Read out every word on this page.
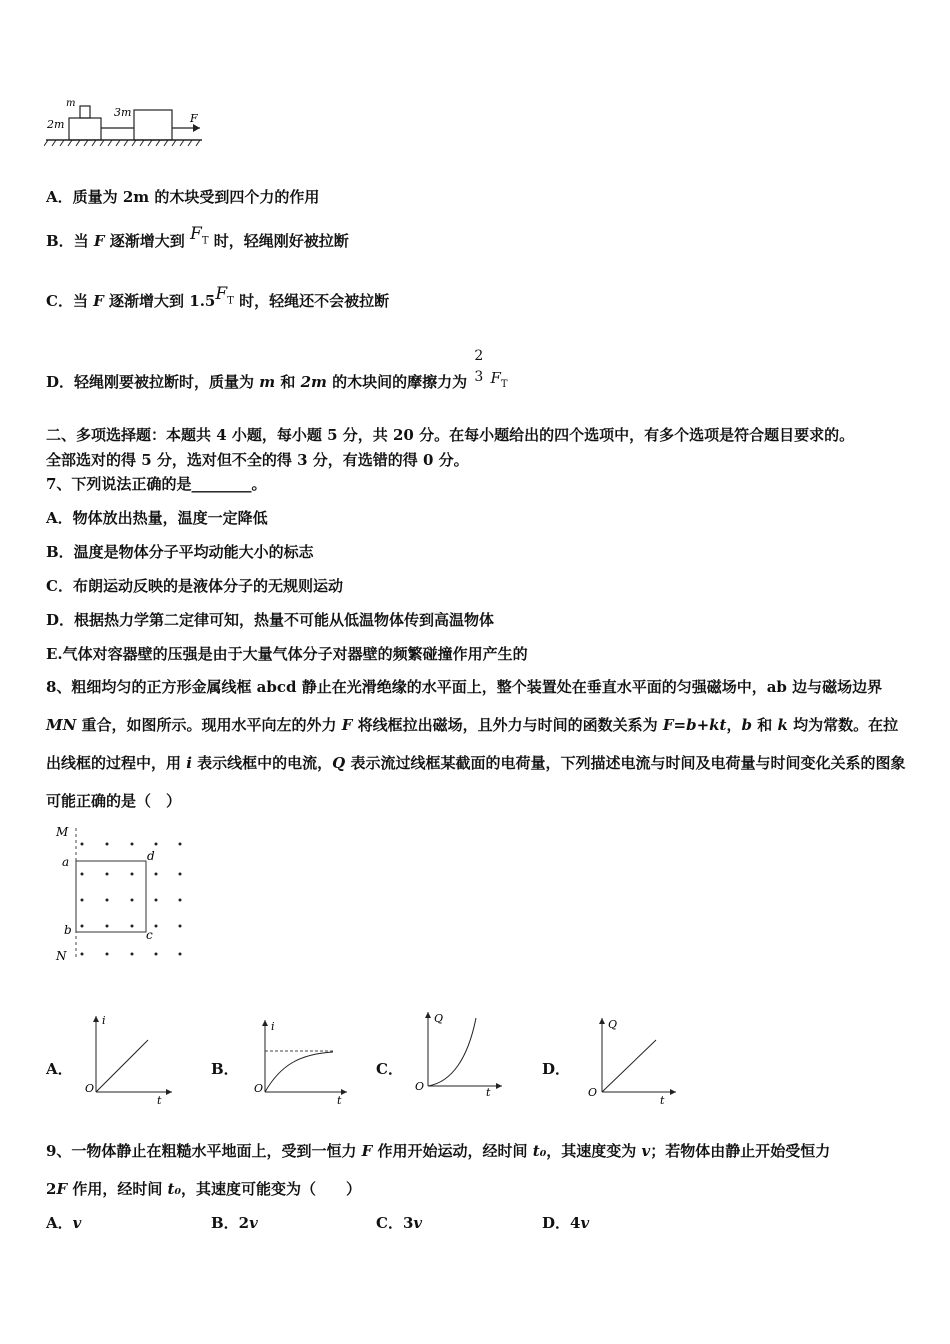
m
2m
3m	F
A．质量为 2m 的木块受到四个力的作用
B．当 F 逐渐增大到 $F_T$ 时，轻绳刚好被拉断
C．当 F 逐渐增大到 $1.5F_T$ 时，轻绳还不会被拉断
D．轻绳刚要被拉断时，质量为 m 和 2m 的木块间的摩擦力为 $\frac{2}{3} F_T$
二、多项选择题：本题共 4 小题，每小题 5 分，共 20 分。在每小题给出的四个选项中，有多个选项是符合题目要求的。
全部选对的得 5 分，选对但不全的得 3 分，有选错的得 0 分。
7、下列说法正确的是________。
A．物体放出热量，温度一定降低
B．温度是物体分子平均动能大小的标志
C．布朗运动反映的是液体分子的无规则运动
D．根据热力学第二定律可知，热量不可能从低温物体传到高温物体
E.气体对容器壁的压强是由于大量气体分子对器壁的频繁碰撞作用产生的
8、粗细均匀的正方形金属线框 abcd 静止在光滑绝缘的水平面上，整个装置处在垂直水平面的匀强磁场中，ab 边与磁场边界 MN 重合，如图所示。现用水平向左的外力 F 将线框拉出磁场，且外力与时间的函数关系为 F=b+kt，b 和 k 均为常数。在拉出线框的过程中，用 i 表示线框中的电流，Q 表示流过线框某截面的电荷量，下列描述电流与时间及电荷量与时间变化关系的图象可能正确的是（　）
M
a	d
b	c
N
A．	B．	C．	D．
i
O
t
i
O
t
Q
O	t
Q
O
t
9、一物体静止在粗糙水平地面上，受到一恒力 F 作用开始运动，经时间 t₀，其速度变为 v；若物体由静止开始受恒力
2F 作用，经时间 t₀，其速度可能变为（　　）
A．v	B．2v	C．3v	D．4v
